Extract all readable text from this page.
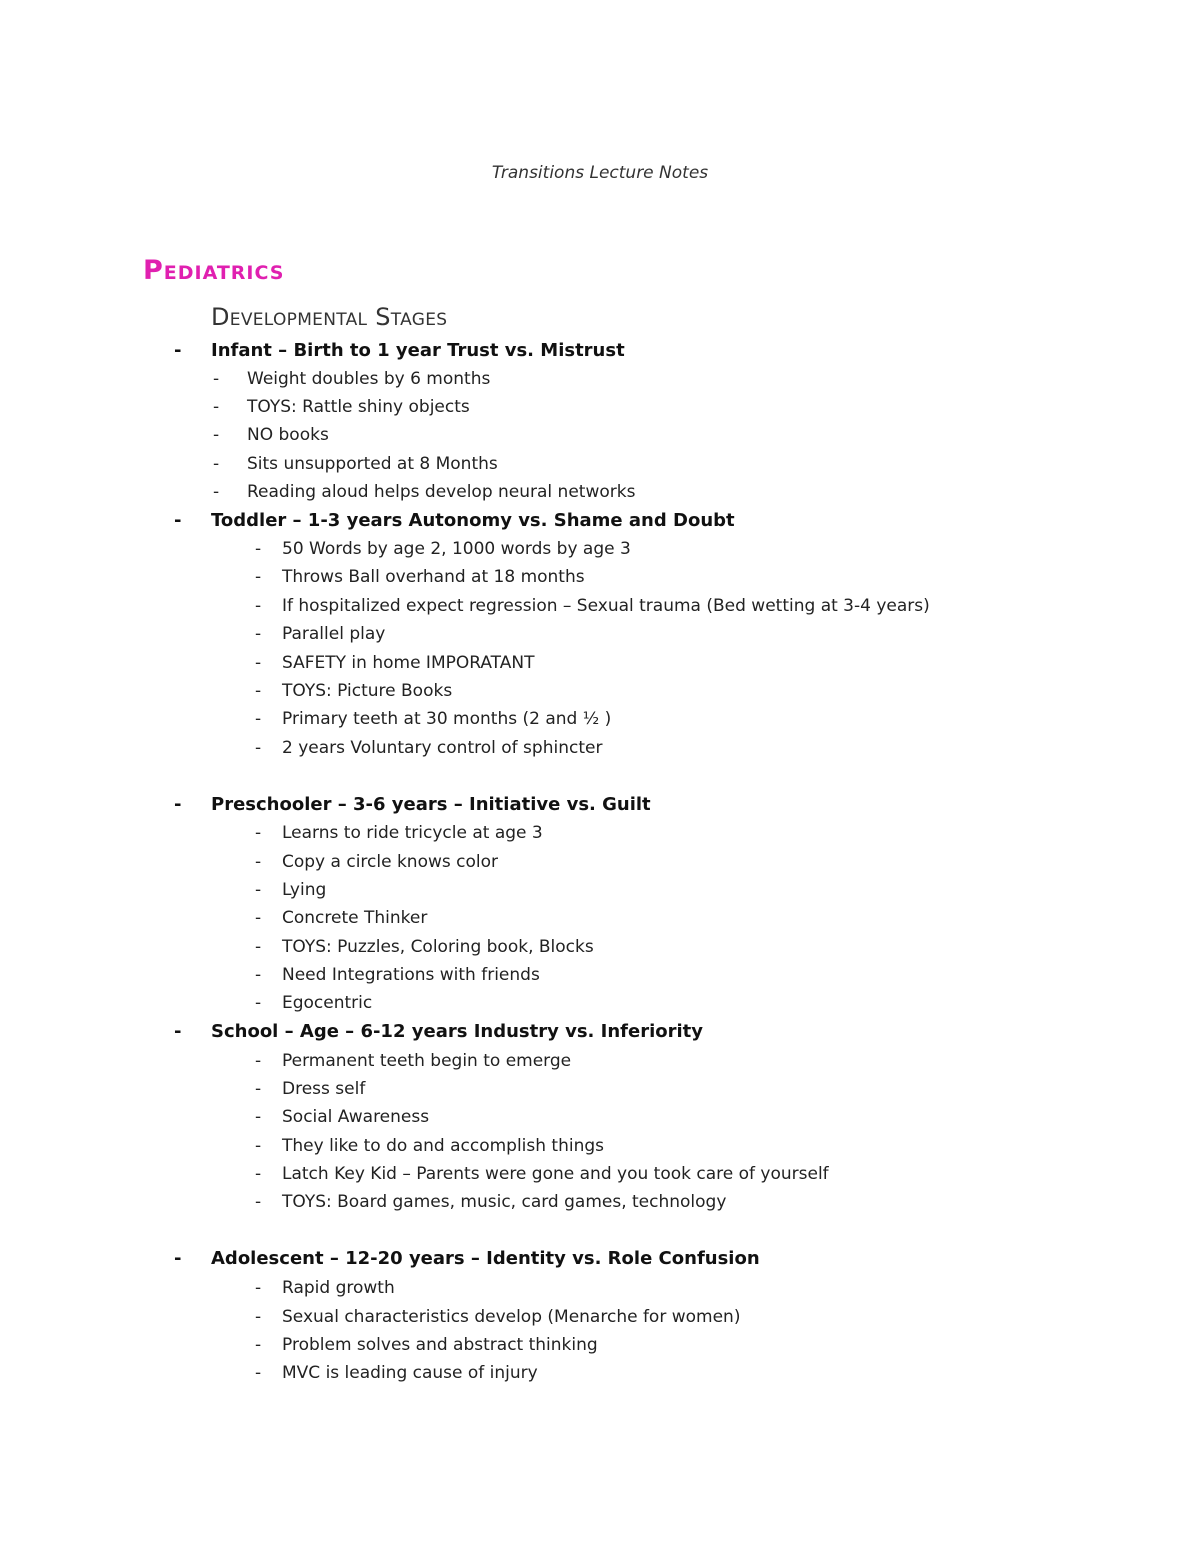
Transitions Lecture Notes
Pediatrics
Developmental Stages
- Infant – Birth to 1 year Trust vs. Mistrust
- Weight doubles by 6 months
- TOYS: Rattle shiny objects
- NO books
- Sits unsupported at 8 Months
- Reading aloud helps develop neural networks
- Toddler – 1-3 years Autonomy vs. Shame and Doubt
- 50 Words by age 2, 1000 words by age 3
- Throws Ball overhand at 18 months
- If hospitalized expect regression – Sexual trauma (Bed wetting at 3-4 years)
- Parallel play
- SAFETY in home IMPORATANT
- TOYS: Picture Books
- Primary teeth at 30 months (2 and ½ )
- 2 years Voluntary control of sphincter
- Preschooler – 3-6 years – Initiative vs. Guilt
- Learns to ride tricycle at age 3
- Copy a circle knows color
- Lying
- Concrete Thinker
- TOYS: Puzzles, Coloring book, Blocks
- Need Integrations with friends
- Egocentric
- School – Age – 6-12 years Industry vs. Inferiority
- Permanent teeth begin to emerge
- Dress self
- Social Awareness
- They like to do and accomplish things
- Latch Key Kid – Parents were gone and you took care of yourself
- TOYS: Board games, music, card games, technology
- Adolescent – 12-20 years – Identity vs. Role Confusion
- Rapid growth
- Sexual characteristics develop (Menarche for women)
- Problem solves and abstract thinking
- MVC is leading cause of injury
